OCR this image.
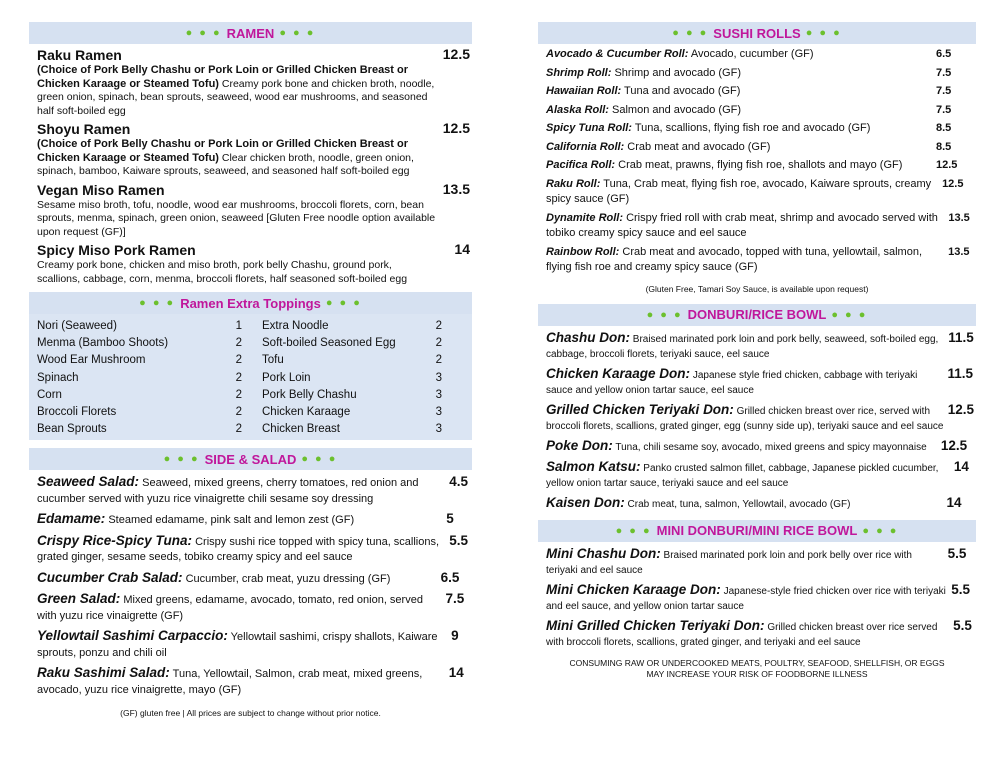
● ● ● RAMEN ● ● ●
Raku Ramen
(Choice of Pork Belly Chashu or Pork Loin or Grilled Chicken Breast or Chicken Karaage or Steamed Tofu) Creamy pork bone and chicken broth, noodle, green onion, spinach, bean sprouts, seaweed, wood ear mushrooms, and seasoned half soft-boiled egg
12.5
Shoyu Ramen
(Choice of Pork Belly Chashu or Pork Loin or Grilled Chicken Breast or Chicken Karaage or Steamed Tofu) Clear chicken broth, noodle, green onion, spinach, bamboo, Kaiware sprouts, seaweed, and seasoned half soft-boiled egg
12.5
Vegan Miso Ramen
Sesame miso broth, tofu, noodle, wood ear mushrooms, broccoli florets, corn, bean sprouts, menma, spinach, green onion, seaweed [Gluten Free noodle option available upon request (GF)]
13.5
Spicy Miso Pork Ramen
Creamy pork bone, chicken and miso broth, pork belly Chashu, ground pork, scallions, cabbage, corn, menma, broccoli florets, half seasoned soft-boiled egg
14
● ● ● Ramen Extra Toppings ● ● ●
Nori (Seaweed)	1	Extra Noodle	2
Menma (Bamboo Shoots)	2	Soft-boiled Seasoned Egg	2
Wood Ear Mushroom	2	Tofu	2
Spinach	2	Pork Loin	3
Corn	2	Pork Belly Chashu	3
Broccoli Florets	2	Chicken Karaage	3
Bean Sprouts	2	Chicken Breast	3
● ● ● SIDE & SALAD ● ● ●
Seaweed Salad: Seaweed, mixed greens, cherry tomatoes, red onion and cucumber served with yuzu rice vinaigrette chili sesame soy dressing
4.5
Edamame: Steamed edamame, pink salt and lemon zest (GF)	5
Crispy Rice-Spicy Tuna: Crispy sushi rice topped with spicy tuna, scallions, grated ginger, sesame seeds, tobiko creamy spicy and eel sauce
5.5
Cucumber Crab Salad: Cucumber, crab meat, yuzu dressing (GF)	6.5
Green Salad: Mixed greens, edamame, avocado, tomato, red onion, served with yuzu rice vinaigrette (GF)
7.5
Yellowtail Sashimi Carpaccio: Yellowtail sashimi, crispy shallots, Kaiware sprouts, ponzu and chili oil
9
Raku Sashimi Salad: Tuna, Yellowtail, Salmon, crab meat, mixed greens, avocado, yuzu rice vinaigrette, mayo (GF)
14
(GF) gluten free | All prices are subject to change without prior notice.
● ● ● SUSHI ROLLS ● ● ●
Avocado & Cucumber Roll: Avocado, cucumber (GF)	6.5
Shrimp Roll: Shrimp and avocado (GF)	7.5
Hawaiian Roll: Tuna and avocado (GF)	7.5
Alaska Roll: Salmon and avocado (GF)	7.5
Spicy Tuna Roll: Tuna, scallions, flying fish roe and avocado (GF)	8.5
California Roll: Crab meat and avocado (GF)	8.5
Pacifica Roll: Crab meat, prawns, flying fish roe, shallots and mayo (GF)	12.5
Raku Roll: Tuna, Crab meat, flying fish roe, avocado, Kaiware sprouts, creamy spicy sauce (GF)
12.5
Dynamite Roll: Crispy fried roll with crab meat, shrimp and avocado served with tobiko creamy spicy sauce and eel sauce
13.5
Rainbow Roll: Crab meat and avocado, topped with tuna, yellowtail, salmon, flying fish roe and creamy spicy sauce (GF)
13.5
(Gluten Free, Tamari Soy Sauce, is available upon request)
● ● ● DONBURI/RICE BOWL ● ● ●
Chashu Don: Braised marinated pork loin and pork belly, seaweed, soft-boiled egg, cabbage, broccoli florets, teriyaki sauce, eel sauce
11.5
Chicken Karaage Don: Japanese style fried chicken, cabbage with teriyaki sauce and yellow onion tartar sauce, eel sauce
11.5
Grilled Chicken Teriyaki Don: Grilled chicken breast over rice, served with broccoli florets, scallions, grated ginger, egg (sunny side up), teriyaki sauce and eel sauce
12.5
Poke Don: Tuna, chili sesame soy, avocado, mixed greens and spicy mayonnaise	12.5
Salmon Katsu: Panko crusted salmon fillet, cabbage, Japanese pickled cucumber, yellow onion tartar sauce, teriyaki sauce and eel sauce
14
Kaisen Don: Crab meat, tuna, salmon, Yellowtail, avocado (GF)	14
● ● ● MINI DONBURI/MINI RICE BOWL ● ● ●
Mini Chashu Don: Braised marinated pork loin and pork belly over rice with teriyaki and eel sauce
5.5
Mini Chicken Karaage Don: Japanese-style fried chicken over rice with teriyaki and eel sauce, and yellow onion tartar sauce
5.5
Mini Grilled Chicken Teriyaki Don: Grilled chicken breast over rice served with broccoli florets, scallions, grated ginger, and teriyaki and eel sauce
5.5
CONSUMING RAW OR UNDERCOOKED MEATS, POULTRY, SEAFOOD, SHELLFISH, OR EGGS
MAY INCREASE YOUR RISK OF FOODBORNE ILLNESS
